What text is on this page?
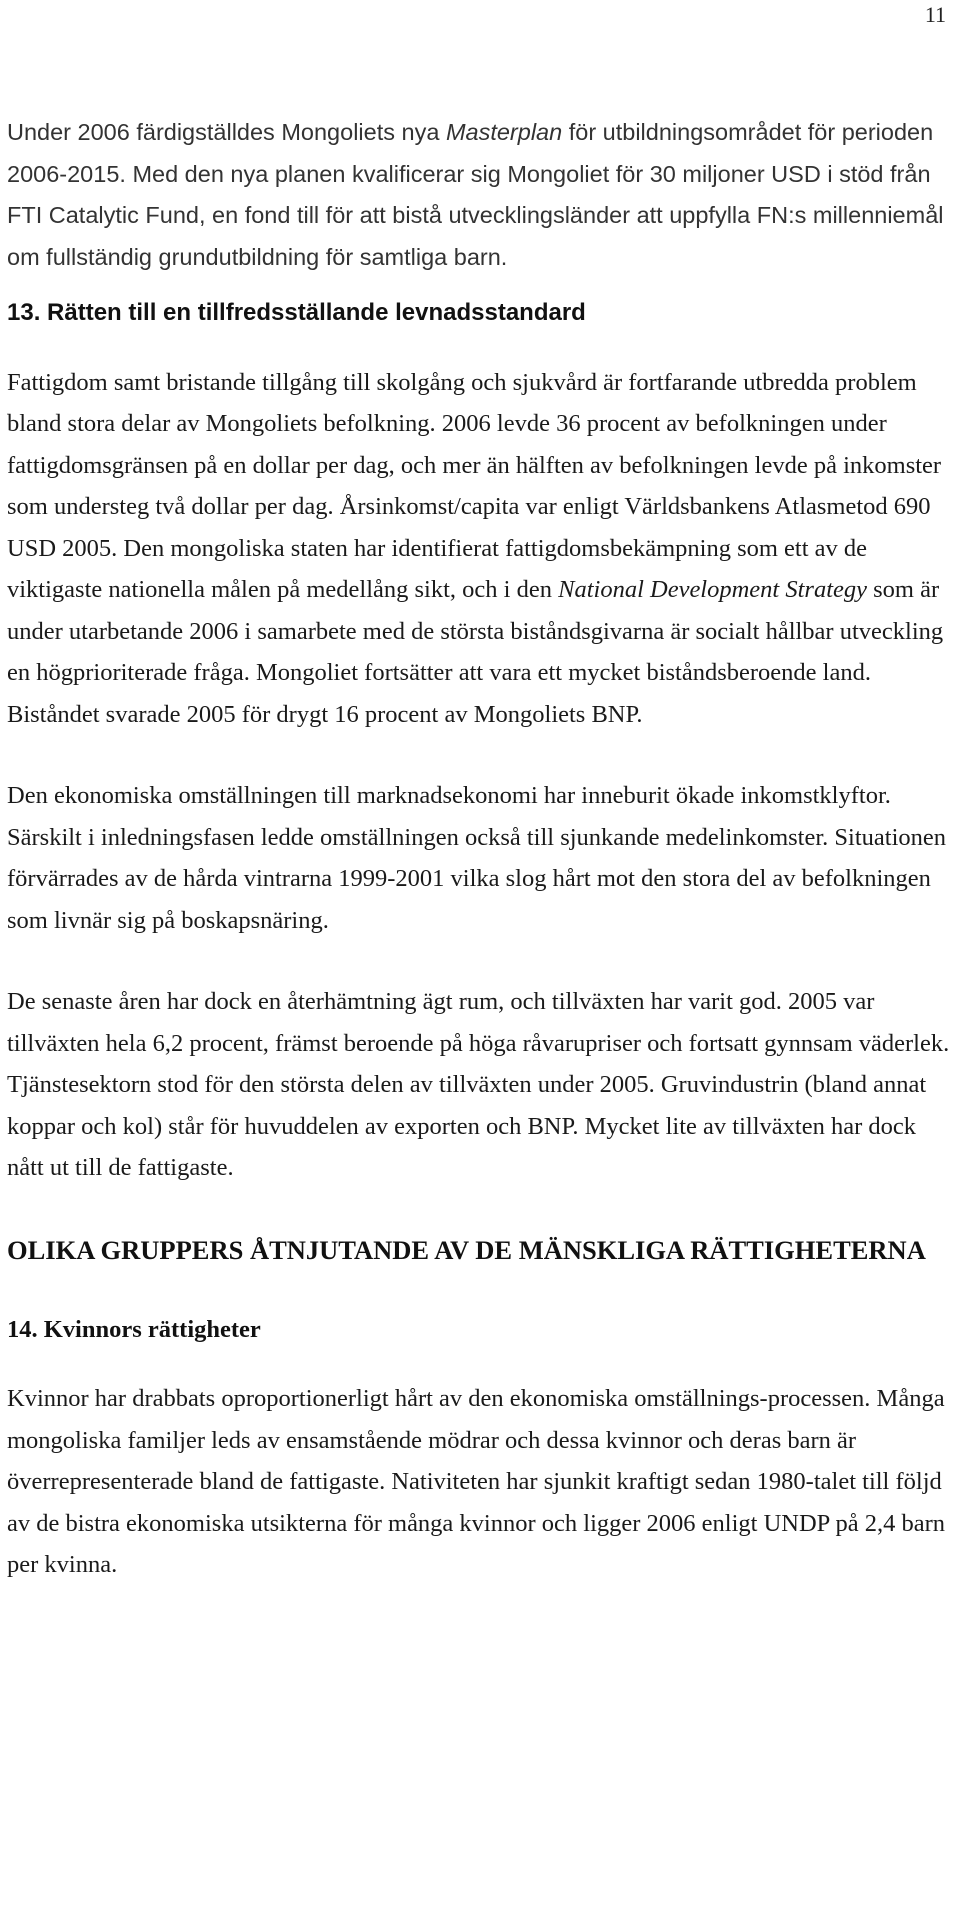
11

Under 2006 färdigställdes Mongoliets nya Masterplan för utbildningsområdet för perioden 2006-2015. Med den nya planen kvalificerar sig Mongoliet för 30 miljoner USD i stöd från FTI Catalytic Fund, en fond till för att bistå utvecklingsländer att uppfylla FN:s millenniemål om fullständig grundutbildning för samtliga barn.

13. Rätten till en tillfredsställande levnadsstandard

Fattigdom samt bristande tillgång till skolgång och sjukvård är fortfarande utbredda problem bland stora delar av Mongoliets befolkning. 2006 levde 36 procent av befolkningen under fattigdomsgränsen på en dollar per dag, och mer än hälften av befolkningen levde på inkomster som understeg två dollar per dag. Årsinkomst/capita var enligt Världsbankens Atlasmetod 690 USD 2005. Den mongoliska staten har identifierat fattigdomsbekämpning som ett av de viktigaste nationella målen på medellång sikt, och i den National Development Strategy som är under utarbetande 2006 i samarbete med de största biståndsgivarna är socialt hållbar utveckling en högprioriterade fråga. Mongoliet fortsätter att vara ett mycket biståndsberoende land. Biståndet svarade 2005 för drygt 16 procent av Mongoliets BNP.

Den ekonomiska omställningen till marknadsekonomi har inneburit ökade inkomstklyftor. Särskilt i inledningsfasen ledde omställningen också till sjunkande medelinkomster. Situationen förvärrades av de hårda vintrarna 1999-2001 vilka slog hårt mot den stora del av befolkningen som livnär sig på boskapsnäring.

De senaste åren har dock en återhämtning ägt rum, och tillväxten har varit god. 2005 var tillväxten hela 6,2 procent, främst beroende på höga råvarupriser och fortsatt gynnsam väderlek. Tjänstesektorn stod för den största delen av tillväxten under 2005. Gruvindustrin (bland annat koppar och kol) står för huvuddelen av exporten och BNP. Mycket lite av tillväxten har dock nått ut till de fattigaste.

OLIKA GRUPPERS ÅTNJUTANDE AV DE MÄNSKLIGA RÄTTIGHETERNA

14. Kvinnors rättigheter

Kvinnor har drabbats oproportionerligt hårt av den ekonomiska omställnings-processen. Många mongoliska familjer leds av ensamstående mödrar och dessa kvinnor och deras barn är överrepresenterade bland de fattigaste. Nativiteten har sjunkit kraftigt sedan 1980-talet till följd av de bistra ekonomiska utsikterna för många kvinnor och ligger 2006 enligt UNDP på 2,4 barn per kvinna.
